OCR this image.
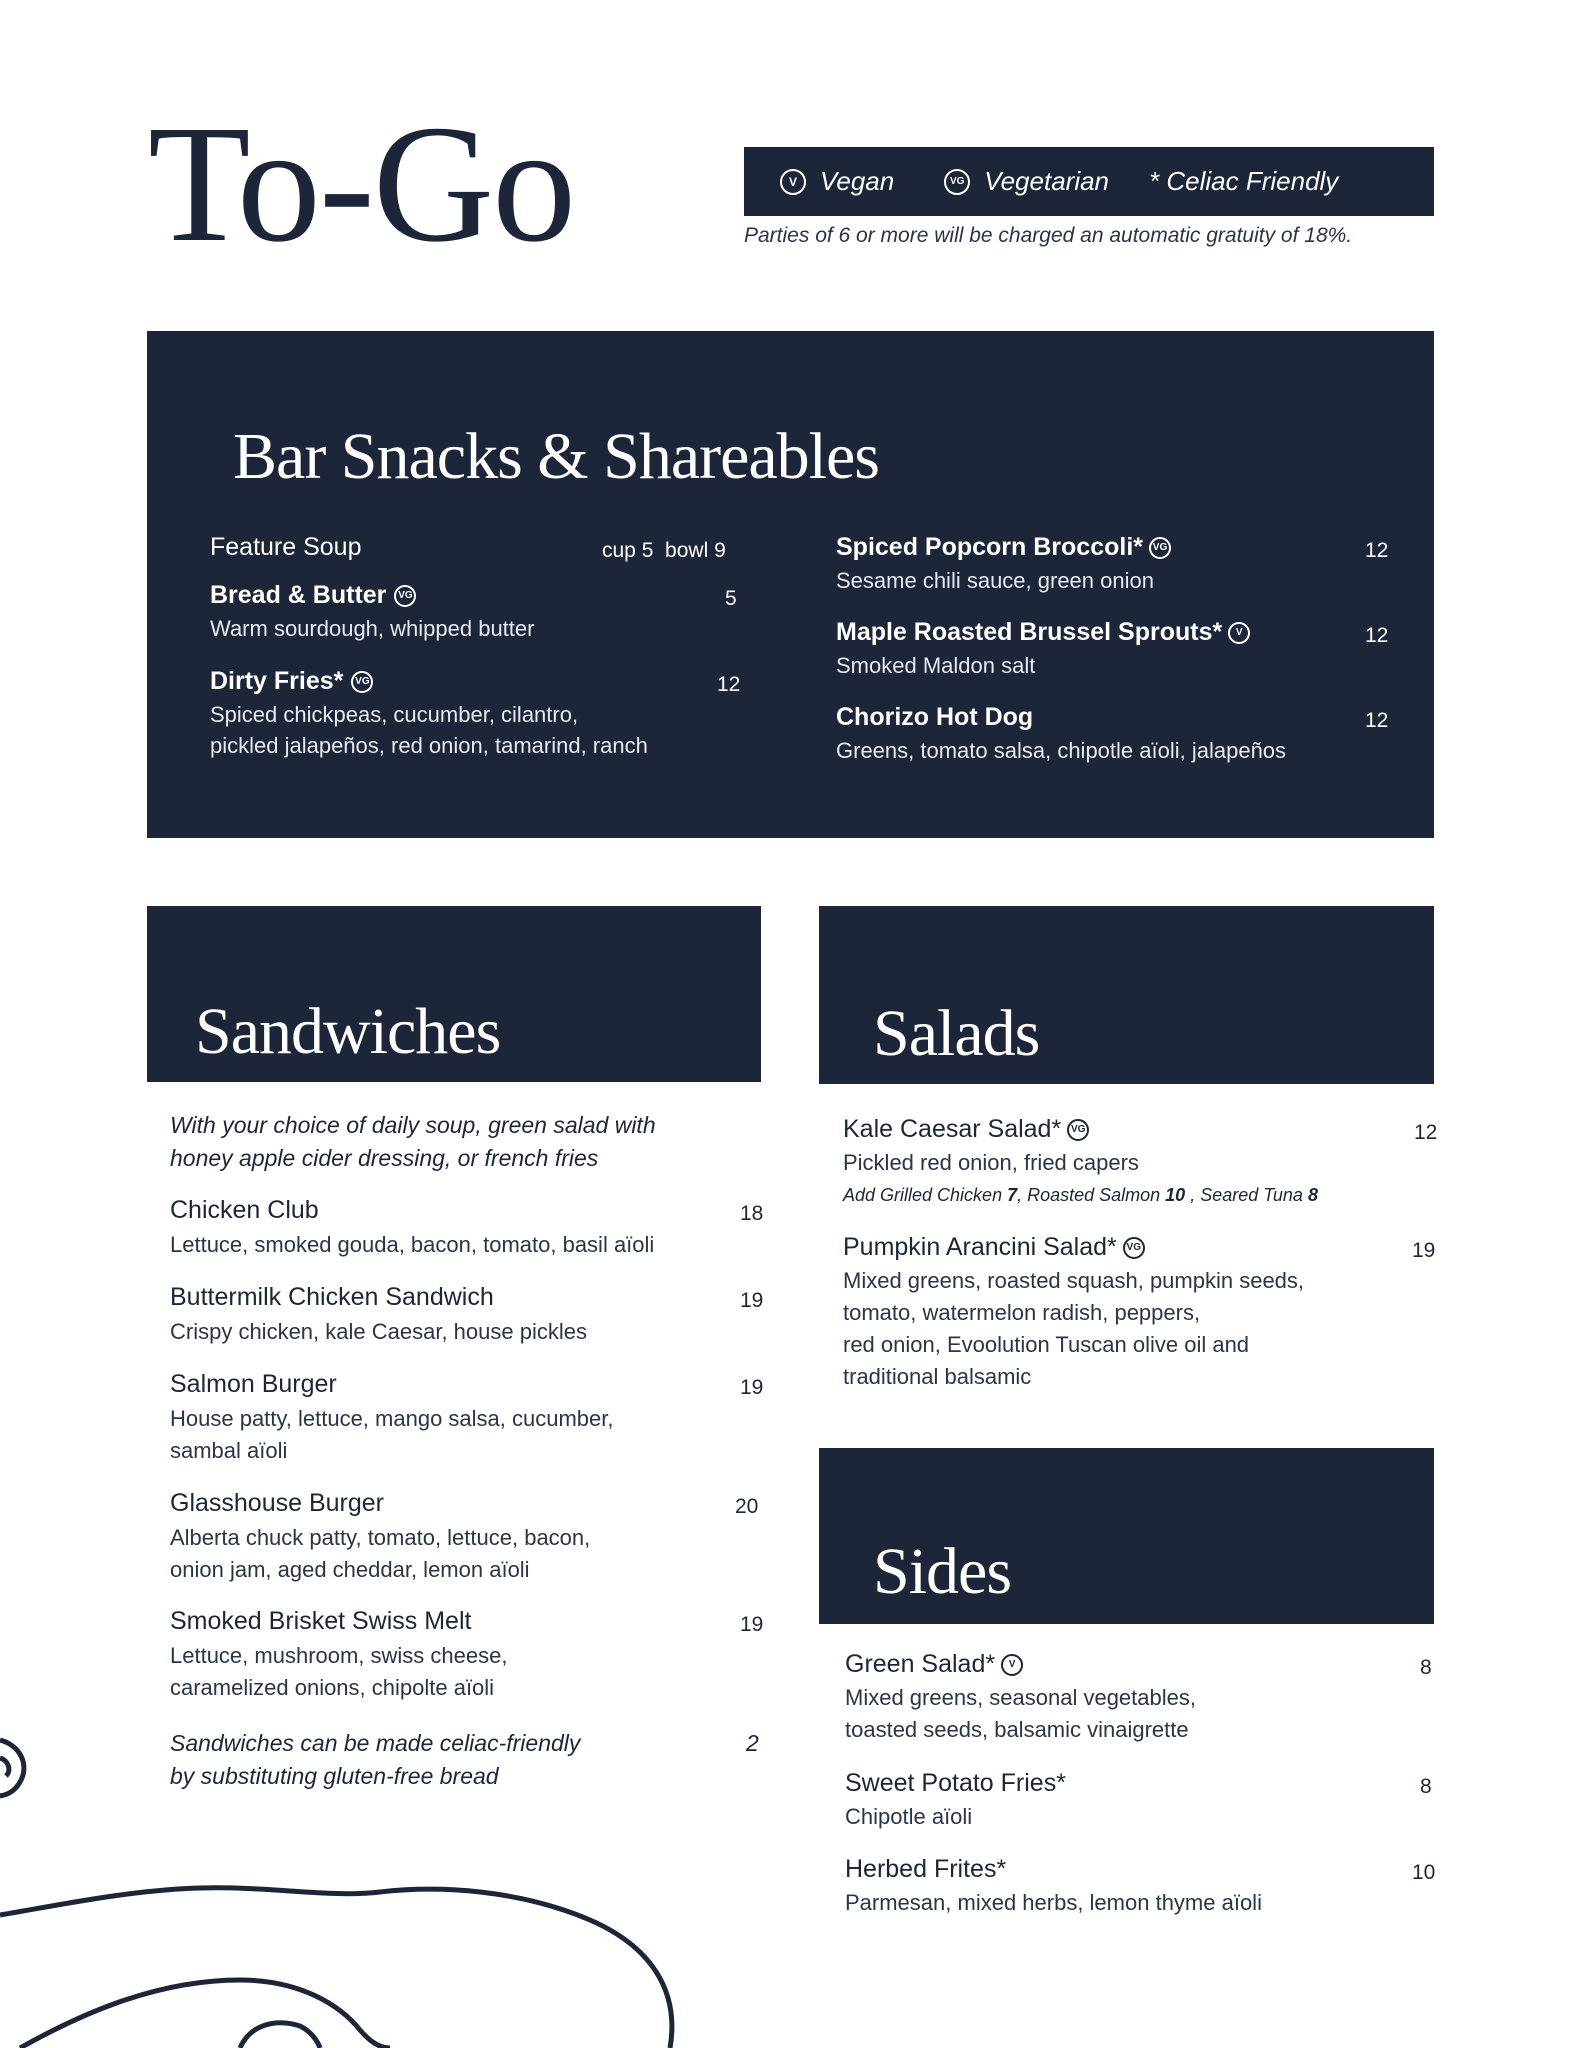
To-Go	V Vegan	VG Vegetarian * Celiac Friendly
Parties of 6 or more will be charged an automatic gratuity of 18%.
Bar Snacks & Shareables
Feature Soup	cup 5  bowl 9
Bread & Butter	VG	5
Warm sourdough, whipped butter
Dirty Fries*	VG	12
Spiced chickpeas, cucumber, cilantro,
pickled jalapeños, red onion, tamarind, ranch
Spiced Popcorn Broccoli* VG	12
Sesame chili sauce, green onion
Maple Roasted Brussel Sprouts*	V	12
Smoked Maldon salt
Chorizo Hot Dog	12
Greens, tomato salsa, chipotle aïoli, jalapeños
Sandwiches
With your choice of daily soup, green salad with
honey apple cider dressing, or french fries
Chicken Club	18
Lettuce, smoked gouda, bacon, tomato, basil aïoli
Buttermilk Chicken Sandwich	19
Crispy chicken, kale Caesar, house pickles
Salmon Burger	19
House patty, lettuce, mango salsa, cucumber,
sambal aïoli
Glasshouse Burger	20
Alberta chuck patty, tomato, lettuce, bacon,
onion jam, aged cheddar, lemon aïoli
Smoked Brisket Swiss Melt	19
Lettuce, mushroom, swiss cheese,
caramelized onions, chipolte aïoli
Sandwiches can be made celiac-friendly
by substituting gluten-free bread
2
Salads
Kale Caesar Salad* VG	12
Pickled red onion, fried capers
Add Grilled Chicken 7, Roasted Salmon 10 , Seared Tuna 8
Pumpkin Arancini Salad* VG	19
Mixed greens, roasted squash, pumpkin seeds,
tomato, watermelon radish, peppers,
red onion, Evoolution Tuscan olive oil and
traditional balsamic
Sides
Green Salad*	V	8
Mixed greens, seasonal vegetables,
toasted seeds, balsamic vinaigrette
Sweet Potato Fries*	8
Chipotle aïoli
Herbed Frites*	10
Parmesan, mixed herbs, lemon thyme aïoli
